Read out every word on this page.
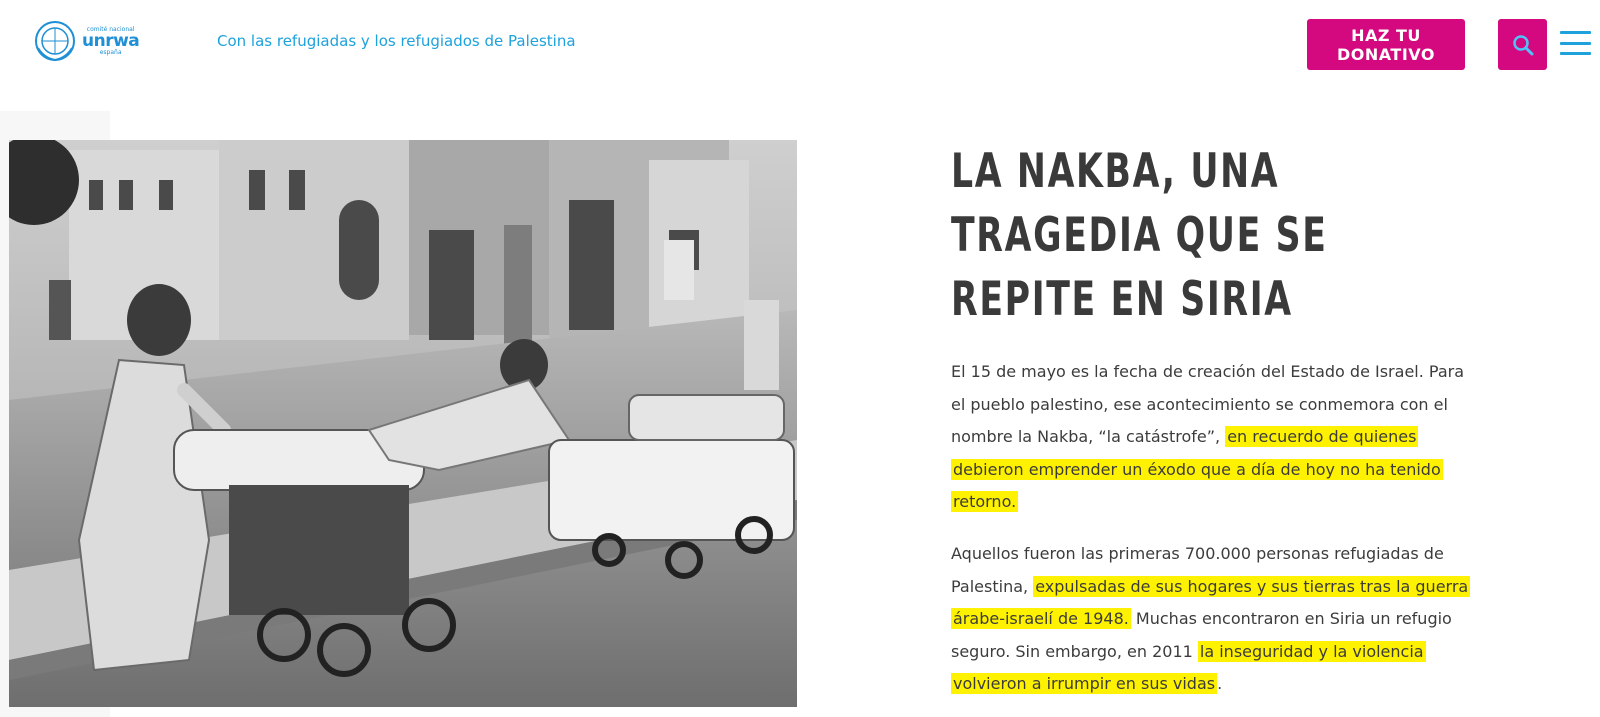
comité nacional
unrwa
españa
Con las refugiadas y los refugiados de Palestina	HAZ TU DONATIVO
LA NAKBA, UNA TRAGEDIA QUE SE REPITE EN SIRIA

El 15 de mayo es la fecha de creación del Estado de Israel. Para el pueblo palestino, ese acontecimiento se conmemora con el nombre la Nakba, “la catástrofe”, en recuerdo de quienes debieron emprender un éxodo que a día de hoy no ha tenido retorno.

Aquellos fueron las primeras 700.000 personas refugiadas de Palestina, expulsadas de sus hogares y sus tierras tras la guerra árabe-israelí de 1948. Muchas encontraron en Siria un refugio seguro. Sin embargo, en 2011 la inseguridad y la violencia volvieron a irrumpir en sus vidas .
